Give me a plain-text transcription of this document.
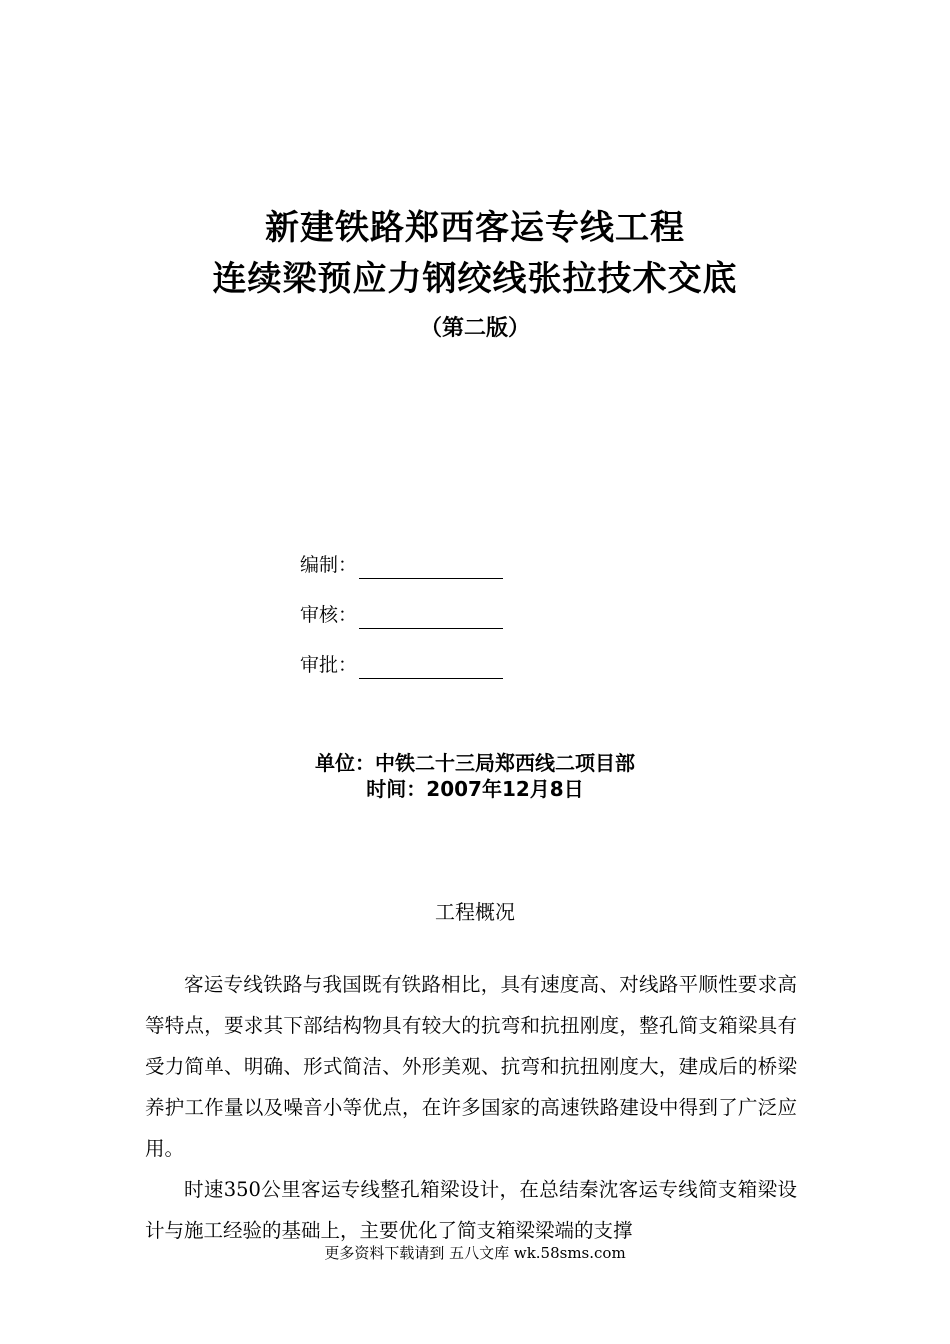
新建铁路郑西客运专线工程
连续梁预应力钢绞线张拉技术交底
（第二版）
编制：
审核：
审批：
单位：中铁二十三局郑西线二项目部
时间：2007年12月8日
工程概况

客运专线铁路与我国既有铁路相比，具有速度高、对线路平顺性要求高等特点，要求其下部结构物具有较大的抗弯和抗扭刚度，整孔简支箱梁具有受力简单、明确、形式简洁、外形美观、抗弯和抗扭刚度大，建成后的桥梁养护工作量以及噪音小等优点，在许多国家的高速铁路建设中得到了广泛应用。

时速350公里客运专线整孔箱梁设计，在总结秦沈客运专线简支箱梁设计与施工经验的基础上，主要优化了简支箱梁梁端的支撑

更多资料下载请到 五八文库 wk.58sms.com
